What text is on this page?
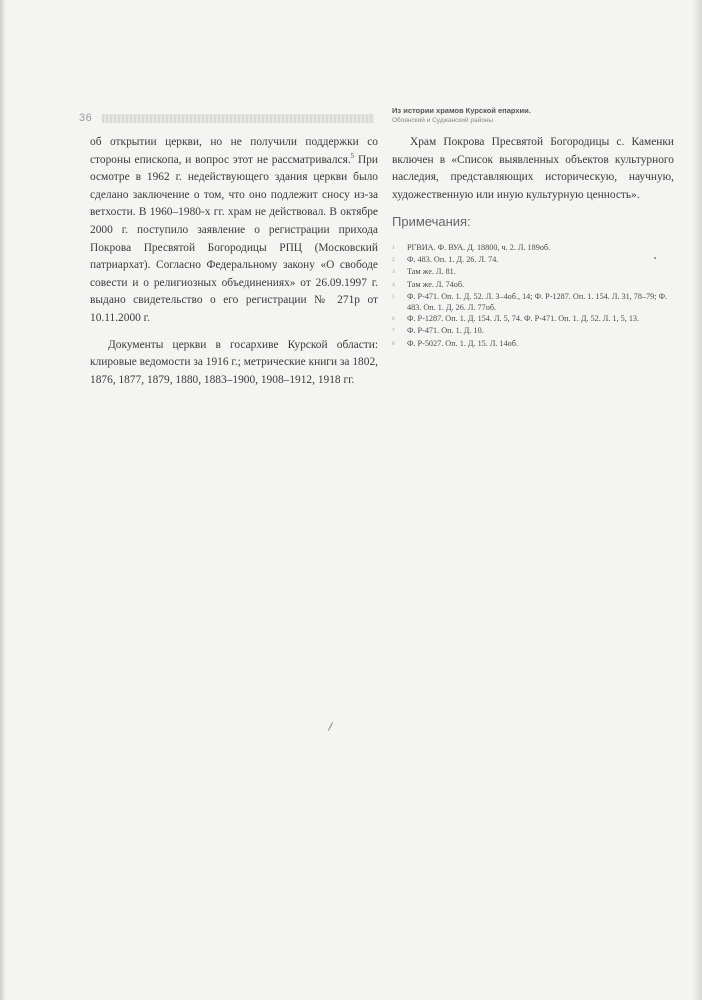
36
Из истории храмов Курской епархии.
Обоянский и Суджанский районы

об открытии церкви, но не получили поддержки со стороны епископа, и вопрос этот не рассматривался.$^5$ При осмотре в 1962 г. недействующего здания церкви было сделано заключение о том, что оно подлежит сносу из-за ветхости. В 1960–1980-х гг. храм не действовал. В октябре 2000 г. поступило заявление о регистрации прихода Покрова Пресвятой Богородицы РПЦ (Московский патриархат). Согласно Федеральному закону «О свободе совести и о религиозных объединениях» от 26.09.1997 г. выдано свидетельство о его регистрации № 271р от 10.11.2000 г.

Документы церкви в госархиве Курской области: клировые ведомости за 1916 г.; метрические книги за 1802, 1876, 1877, 1879, 1880, 1883–1900, 1908–1912, 1918 гг.

Храм Покрова Пресвятой Богородицы с. Каменки включен в «Список выявленных объектов культурного наследия, представляющих историческую, научную, художественную или иную культурную ценность».

Примечания:
1	РГВИА. Ф. ВУА. Д. 18800, ч. 2. Л. 189об.
2	Ф. 483. Оп. 1. Д. 26. Л. 74.
3	Там же. Л. 81.
4	Там же. Л. 74об.
5	Ф. Р-471. Оп. 1. Д. 52. Л. 3–4об., 14; Ф. Р-1287. Оп. 1. 154. Л. 31, 78–79; Ф. 483. Оп. 1. Д. 26. Л. 77об.
6	Ф. Р-1287. Оп. 1. Д. 154. Л. 5, 74. Ф. Р-471. Оп. 1. Д. 52. Л. 1, 5, 13.
7	Ф. Р-471. Оп. 1. Д. 10.
8	Ф. Р-5027. Оп. 1. Д. 15. Л. 14об.
